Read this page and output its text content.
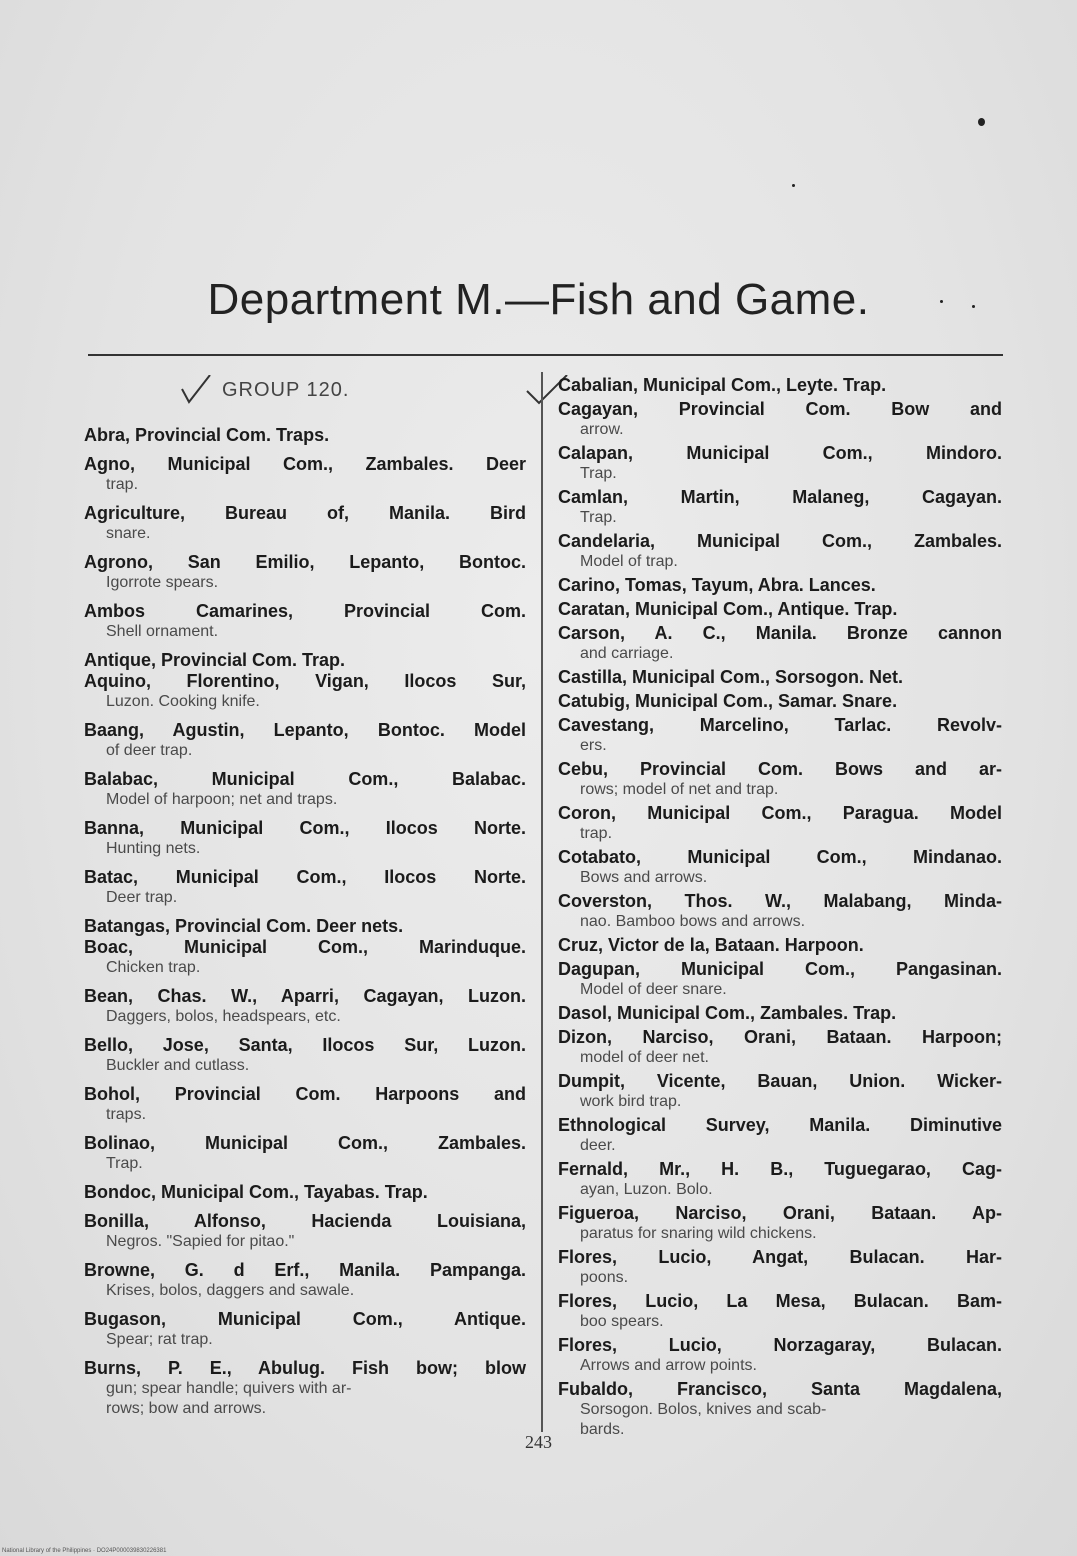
Department M.—Fish and Game.
GROUP 120.
Abra, Provincial Com. Traps.
Agno, Municipal Com., Zambales. Deer
trap.
Agriculture, Bureau of, Manila. Bird
snare.
Agrono, San Emilio, Lepanto, Bontoc.
Igorrote spears.
Ambos Camarines, Provincial Com.
Shell ornament.
Antique, Provincial Com. Trap.
Aquino, Florentino, Vigan, Ilocos Sur,
Luzon. Cooking knife.
Baang, Agustin, Lepanto, Bontoc. Model
of deer trap.
Balabac, Municipal Com., Balabac.
Model of harpoon; net and traps.
Banna, Municipal Com., Ilocos Norte.
Hunting nets.
Batac, Municipal Com., Ilocos Norte.
Deer trap.
Batangas, Provincial Com. Deer nets.
Boac, Municipal Com., Marinduque.
Chicken trap.
Bean, Chas. W., Aparri, Cagayan, Luzon.
Daggers, bolos, headspears, etc.
Bello, Jose, Santa, Ilocos Sur, Luzon.
Buckler and cutlass.
Bohol, Provincial Com. Harpoons and
traps.
Bolinao, Municipal Com., Zambales.
Trap.
Bondoc, Municipal Com., Tayabas. Trap.
Bonilla, Alfonso, Hacienda Louisiana,
Negros. "Sapied for pitao."
Browne, G. d Erf., Manila. Pampanga.
Krises, bolos, daggers and sawale.
Bugason, Municipal Com., Antique.
Spear; rat trap.
Burns, P. E., Abulug. Fish bow; blow
gun; spear handle; quivers with ar-
rows; bow and arrows.
Cabalian, Municipal Com., Leyte. Trap.
Cagayan, Provincial Com. Bow and
arrow.
Calapan, Municipal Com., Mindoro.
Trap.
Camlan, Martin, Malaneg, Cagayan.
Trap.
Candelaria, Municipal Com., Zambales.
Model of trap.
Carino, Tomas, Tayum, Abra. Lances.
Caratan, Municipal Com., Antique. Trap.
Carson, A. C., Manila. Bronze cannon
and carriage.
Castilla, Municipal Com., Sorsogon. Net.
Catubig, Municipal Com., Samar. Snare.
Cavestang, Marcelino, Tarlac. Revolv-
ers.
Cebu, Provincial Com. Bows and ar-
rows; model of net and trap.
Coron, Municipal Com., Paragua. Model
trap.
Cotabato, Municipal Com., Mindanao.
Bows and arrows.
Coverston, Thos. W., Malabang, Minda-
nao. Bamboo bows and arrows.
Cruz, Victor de la, Bataan. Harpoon.
Dagupan, Municipal Com., Pangasinan.
Model of deer snare.
Dasol, Municipal Com., Zambales. Trap.
Dizon, Narciso, Orani, Bataan. Harpoon;
model of deer net.
Dumpit, Vicente, Bauan, Union. Wicker-
work bird trap.
Ethnological Survey, Manila. Diminutive
deer.
Fernald, Mr., H. B., Tuguegarao, Cag-
ayan, Luzon. Bolo.
Figueroa, Narciso, Orani, Bataan. Ap-
paratus for snaring wild chickens.
Flores, Lucio, Angat, Bulacan. Har-
poons.
Flores, Lucio, La Mesa, Bulacan. Bam-
boo spears.
Flores, Lucio, Norzagaray, Bulacan.
Arrows and arrow points.
Fubaldo, Francisco, Santa Magdalena,
Sorsogon. Bolos, knives and scab-
bards.
243
National Library of the Philippines · DO24P000039830226381
